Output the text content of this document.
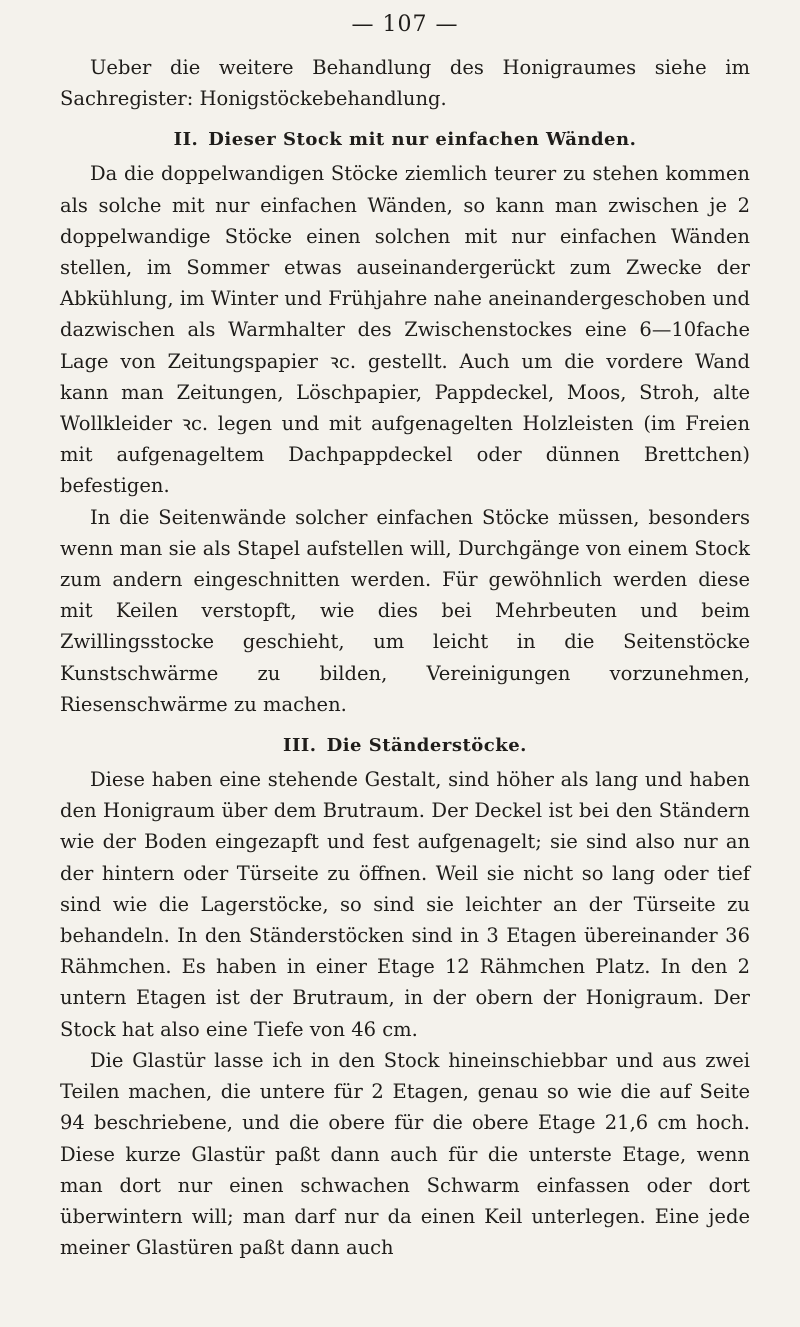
— 107 —

Ueber die weitere Behandlung des Honigraumes siehe im Sachregister: Honigstöckebehandlung.

II. Dieser Stock mit nur einfachen Wänden.

Da die doppelwandigen Stöcke ziemlich teurer zu stehen kommen als solche mit nur einfachen Wänden, so kann man zwischen je 2 doppelwandige Stöcke einen solchen mit nur einfachen Wänden stellen, im Sommer etwas auseinandergerückt zum Zwecke der Abkühlung, im Winter und Frühjahre nahe aneinandergeschoben und dazwischen als Warmhalter des Zwischenstockes eine 6—10fache Lage von Zeitungspapier ꝛc. gestellt. Auch um die vordere Wand kann man Zeitungen, Löschpapier, Pappdeckel, Moos, Stroh, alte Wollkleider ꝛc. legen und mit aufgenagelten Holzleisten (im Freien mit aufgenageltem Dachpappdeckel oder dünnen Brettchen) befestigen.

In die Seitenwände solcher einfachen Stöcke müssen, besonders wenn man sie als Stapel aufstellen will, Durchgänge von einem Stock zum andern eingeschnitten werden. Für gewöhnlich werden diese mit Keilen verstopft, wie dies bei Mehrbeuten und beim Zwillingsstocke geschieht, um leicht in die Seitenstöcke Kunstschwärme zu bilden, Vereinigungen vorzunehmen, Riesenschwärme zu machen.

III. Die Ständerstöcke.

Diese haben eine stehende Gestalt, sind höher als lang und haben den Honigraum über dem Brutraum. Der Deckel ist bei den Ständern wie der Boden eingezapft und fest aufgenagelt; sie sind also nur an der hintern oder Türseite zu öffnen. Weil sie nicht so lang oder tief sind wie die Lagerstöcke, so sind sie leichter an der Türseite zu behandeln. In den Ständerstöcken sind in 3 Etagen übereinander 36 Rähmchen. Es haben in einer Etage 12 Rähmchen Platz. In den 2 untern Etagen ist der Brutraum, in der obern der Honigraum. Der Stock hat also eine Tiefe von 46 cm.

Die Glastür lasse ich in den Stock hineinschiebbar und aus zwei Teilen machen, die untere für 2 Etagen, genau so wie die auf Seite 94 beschriebene, und die obere für die obere Etage 21,6 cm hoch. Diese kurze Glastür paßt dann auch für die unterste Etage, wenn man dort nur einen schwachen Schwarm einfassen oder dort überwintern will; man darf nur da einen Keil unterlegen. Eine jede meiner Glastüren paßt dann auch
